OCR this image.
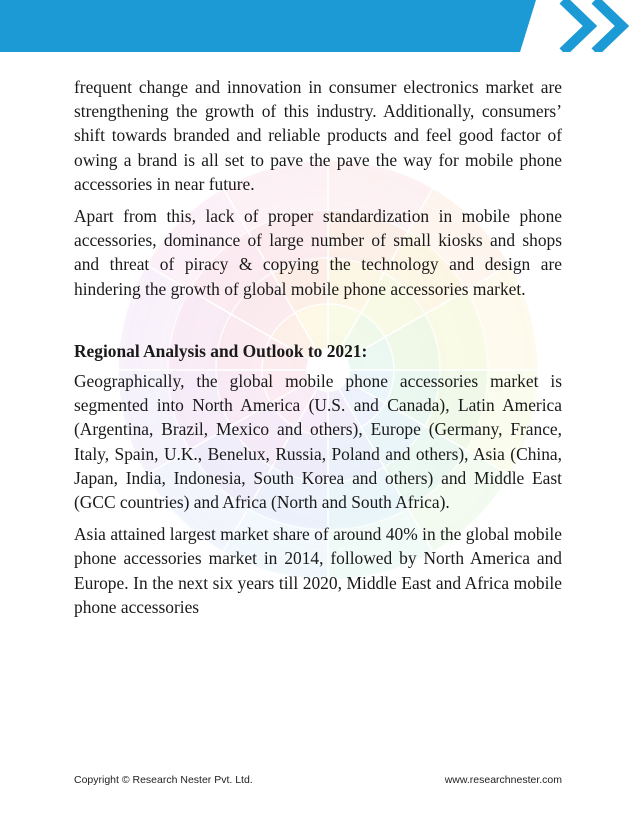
frequent change and innovation in consumer electronics market are strengthening the growth of this industry. Additionally, consumers’ shift towards branded and reliable products and feel good factor of owing a brand is all set to pave the pave the way for mobile phone accessories in near future.

Apart from this, lack of proper standardization in mobile phone accessories, dominance of large number of small kiosks and shops and threat of piracy & copying the technology and design are hindering the growth of global mobile phone accessories market.

Regional Analysis and Outlook to 2021:

Geographically, the global mobile phone accessories market is segmented into North America (U.S. and Canada), Latin America (Argentina, Brazil, Mexico and others), Europe (Germany, France, Italy, Spain, U.K., Benelux, Russia, Poland and others), Asia (China, Japan, India, Indonesia, South Korea and others) and Middle East (GCC countries) and Africa (North and South Africa).

Asia attained largest market share of around 40% in the global mobile phone accessories market in 2014, followed by North America and Europe. In the next six years till 2020, Middle East and Africa mobile phone accessories

Copyright © Research Nester Pvt. Ltd.	www.researchnester.com
